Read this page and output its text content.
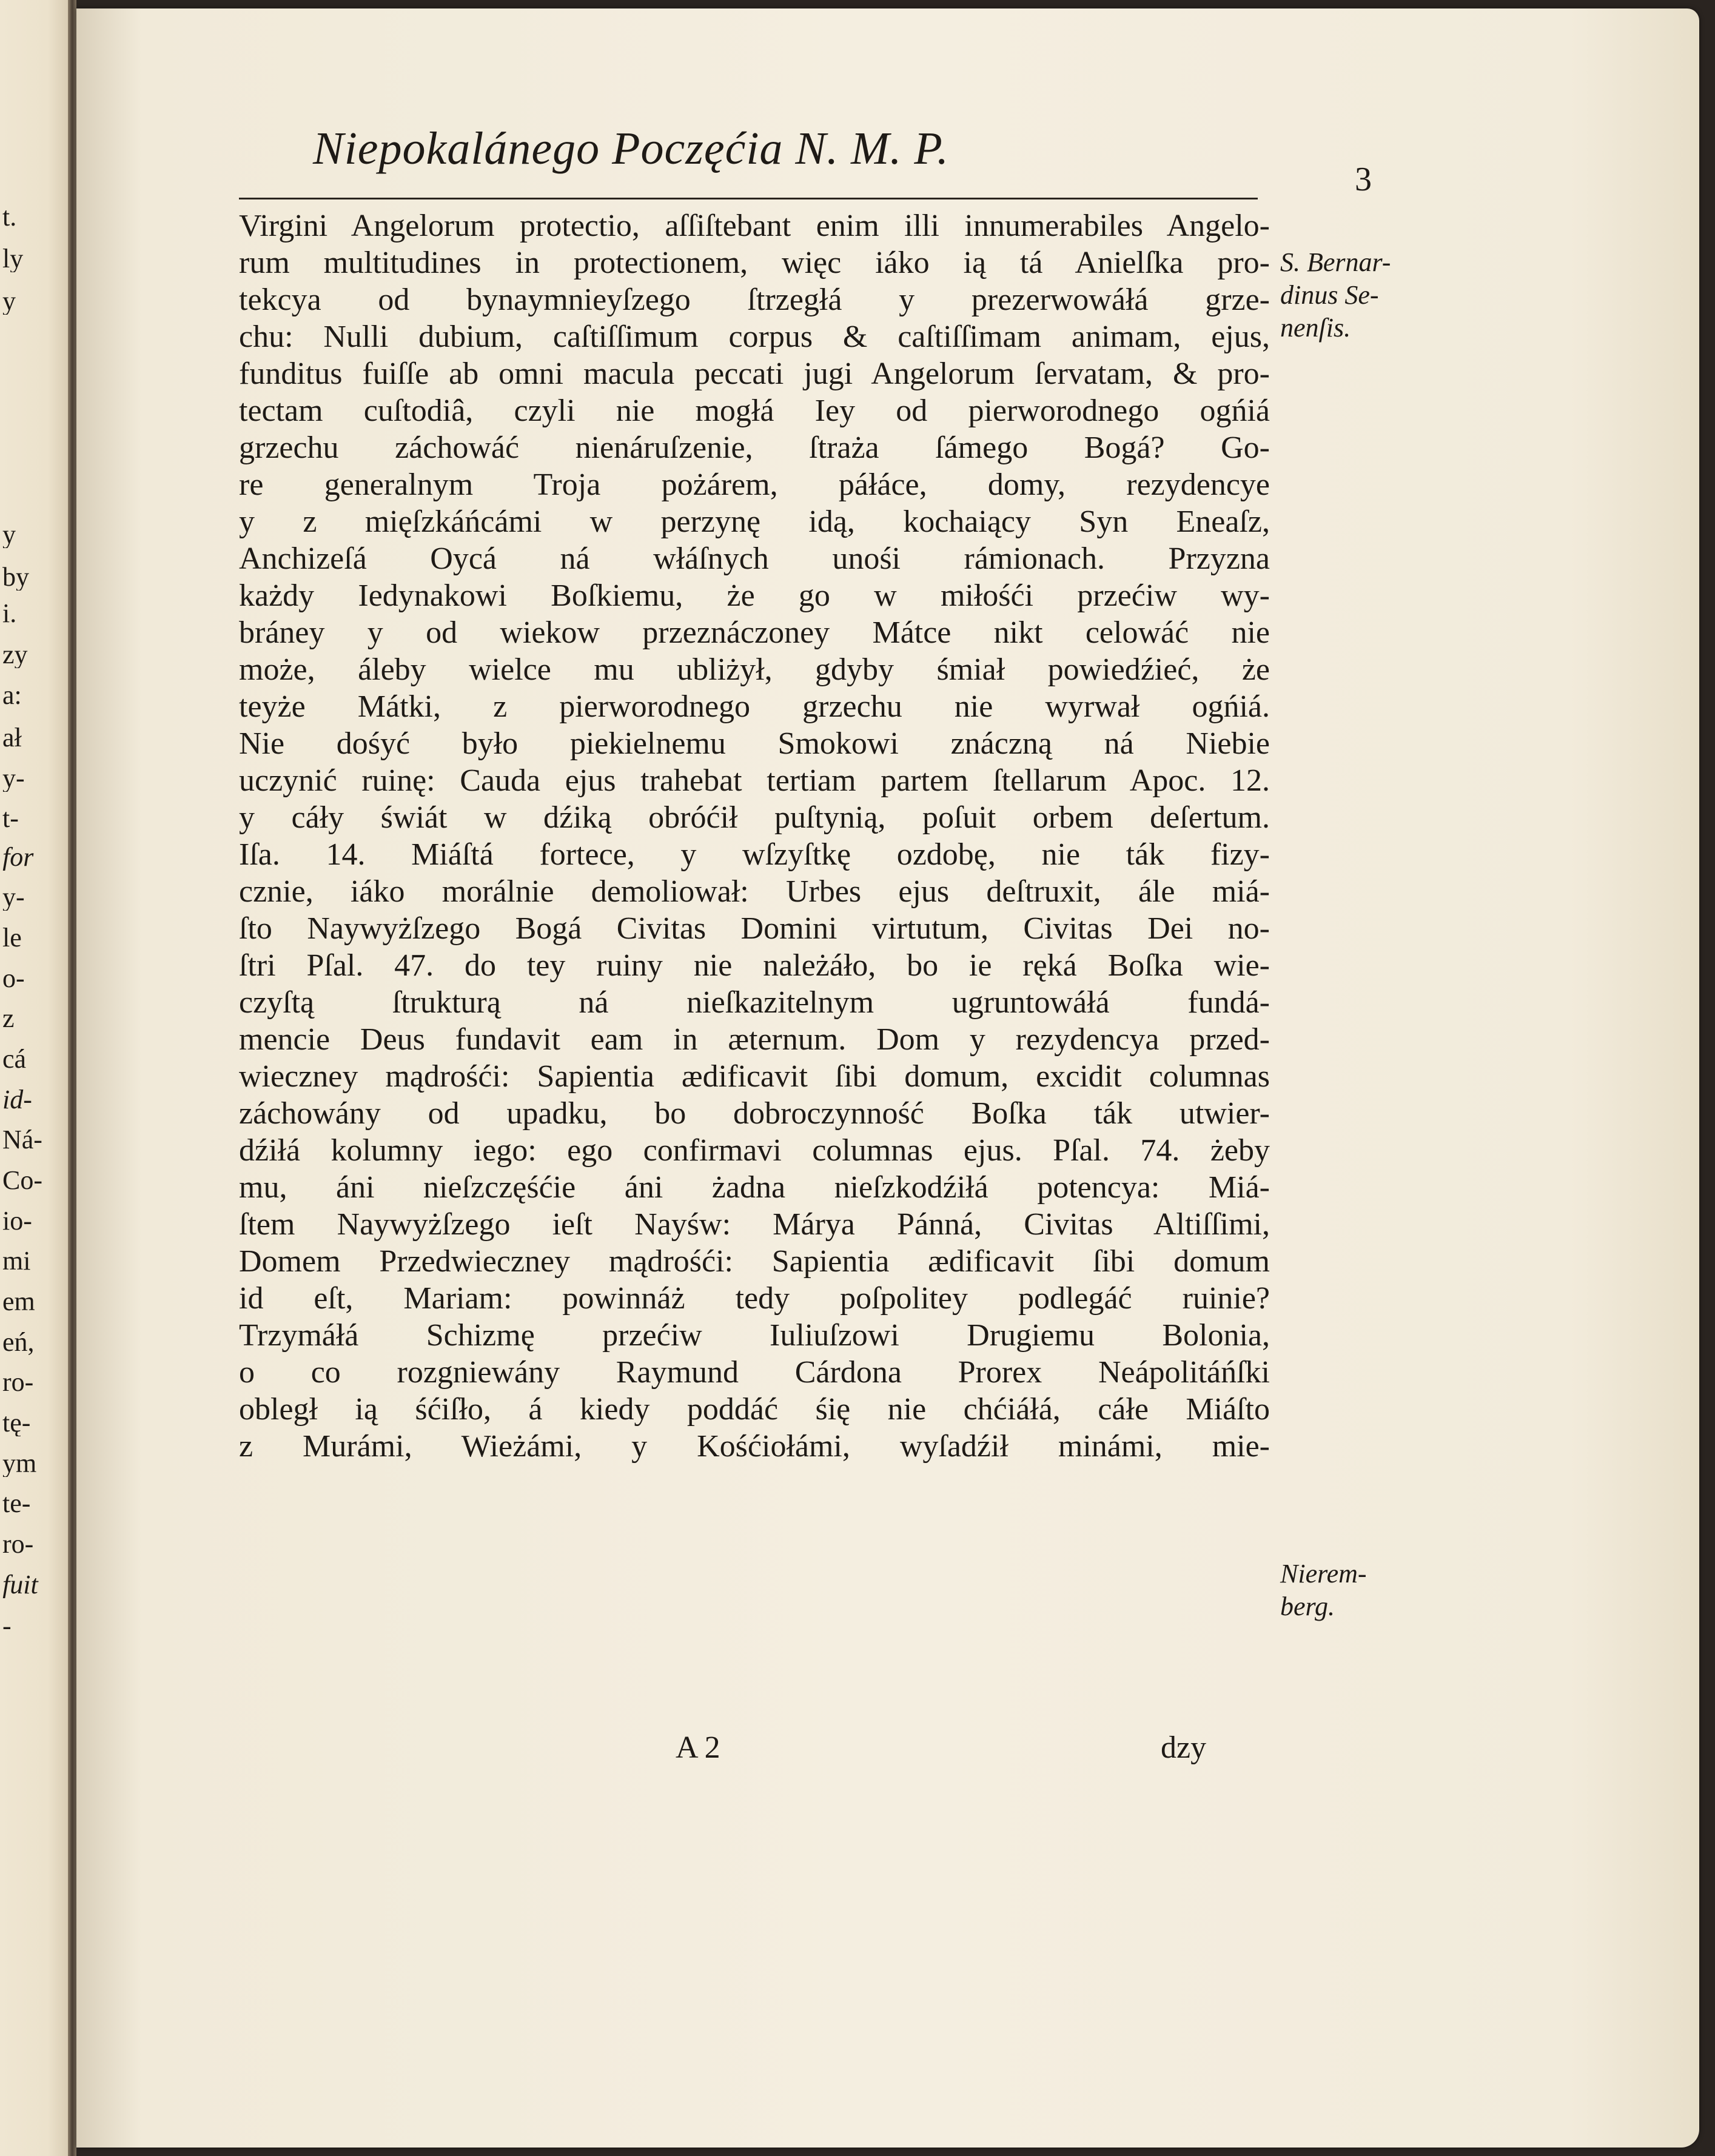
t.
ly
y
y
by
i.
zy
a:
ał
y-
t-
for
y-
le
o-
z
cá
id-
Ná-
Co-
io-
mi
em
eń,
ro-
tę-
ym
te-
ro-
fuit
-
Niepokalánego Poczęćia N. M. P.
3
Virgini Angelorum protectio, aſſiſtebant enim illi innumerabiles Angelo-
rum multitudines in protectionem, więc iáko ią tá Anielſka pro-
tekcya od bynaymnieyſzego ſtrzegłá y prezerwowáłá grze-
chu: Nulli dubium, caſtiſſimum corpus & caſtiſſimam animam, ejus,
funditus fuiſſe ab omni macula peccati jugi Angelorum ſervatam, & pro-
tectam cuſtodiâ, czyli nie mogłá Iey od pierworodnego ogńiá
grzechu záchowáć nienáruſzenie, ſtraża ſámego Bogá? Go-
re generalnym Troja pożárem, páłáce, domy, rezydencye
y z mięſzkáńcámi w perzynę idą, kochaiący Syn Eneaſz,
Anchizeſá Oycá ná włáſnych unośi rámionach. Przyzna
każdy Iedynakowi Boſkiemu, że go w miłośći przećiw wy-
bráney y od wiekow przeznáczoney Mátce nikt celowáć nie
może, áleby wielce mu ubliżył, gdyby śmiał powiedźieć, że
teyże Mátki, z pierworodnego grzechu nie wyrwał ogńiá.
Nie dośyć było piekielnemu Smokowi znáczną ná Niebie
uczynić ruinę: Cauda ejus trahebat tertiam partem ſtellarum Apoc. 12.
y cáły świát w dźiką obróćił puſtynią, poſuit orbem deſertum.
Iſa. 14. Miáſtá fortece, y wſzyſtkę ozdobę, nie ták fizy-
cznie, iáko morálnie demoliował: Urbes ejus deſtruxit, ále miá-
ſto Naywyżſzego Bogá Civitas Domini virtutum, Civitas Dei no-
ſtri Pſal. 47. do tey ruiny nie należáło, bo ie ręká Boſka wie-
czyſtą ſtrukturą ná nieſkazitelnym ugruntowáłá fundá-
mencie Deus fundavit eam in æternum. Dom y rezydencya przed-
wieczney mądrośći: Sapientia ædificavit ſibi domum, excidit columnas
záchowány od upadku, bo dobroczynność Boſka ták utwier-
dźiłá kolumny iego: ego confirmavi columnas ejus. Pſal. 74. żeby
mu, áni nieſzczęśćie áni żadna nieſzkodźiłá potencya: Miá-
ſtem Naywyżſzego ieſt Nayśw: Márya Pánná, Civitas Altiſſimi,
Domem Przedwieczney mądrośći: Sapientia ædificavit ſibi domum
id eſt, Mariam: powinnáż tedy poſpolitey podlegáć ruinie?
Trzymáłá Schizmę przećiw Iuliuſzowi Drugiemu Bolonia,
o co rozgniewány Raymund Cárdona Prorex Neápolitáńſki
obległ ią śćiſło, á kiedy poddáć śię nie chćiáłá, cáłe Miáſto
z Murámi, Wieżámi, y Kośćiołámi, wyſadźił minámi, mie-
A 2	dzy
S. Bernar-
dinus Se-
nenſis.
Nierem-
berg.
